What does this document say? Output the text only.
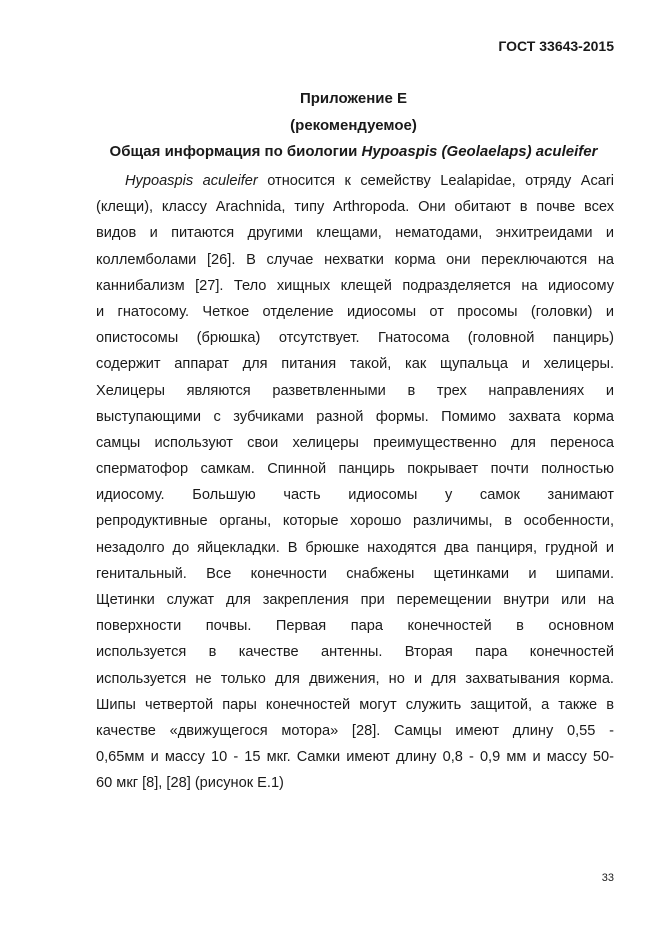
ГОСТ 33643-2015
Приложение Е
(рекомендуемое)
Общая информация по биологии Hypoaspis (Geolaelaps) aculeifer
Hypoaspis aculeifer относится к семейству Lealapidae, отряду Acari
(клещи), классу Arachnida, типу Arthropoda. Они обитают в почве всех
видов и питаются другими клещами, нематодами, энхитреидами и
коллемболами [26]. В случае нехватки корма они переключаются на
каннибализм [27]. Тело хищных клещей подразделяется на идиосому
и гнатосому. Четкое отделение идиосомы от просомы (головки) и
опистосомы (брюшка) отсутствует. Гнатосома (головной панцирь)
содержит аппарат для питания такой, как щупальца и хелицеры.
Хелицеры являются разветвленными в трех направлениях и
выступающими с зубчиками разной формы. Помимо захвата корма
самцы используют свои хелицеры преимущественно для переноса
сперматофор самкам. Спинной панцирь покрывает почти полностью
идиосому. Большую часть идиосомы у самок занимают
репродуктивные органы, которые хорошо различимы, в особенности,
незадолго до яйцекладки. В брюшке находятся два панциря, грудной и
генитальный. Все конечности снабжены щетинками и шипами.
Щетинки служат для закрепления при перемещении внутри или на
поверхности почвы. Первая пара конечностей в основном
используется в качестве антенны. Вторая пара конечностей
используется не только для движения, но и для захватывания корма.
Шипы четвертой пары конечностей могут служить защитой, а также в
качестве «движущегося мотора» [28]. Самцы имеют длину 0,55 -
0,65мм и массу 10 - 15 мкг. Самки имеют длину 0,8 - 0,9 мм и массу 50-
60 мкг [8], [28] (рисунок Е.1)
33
